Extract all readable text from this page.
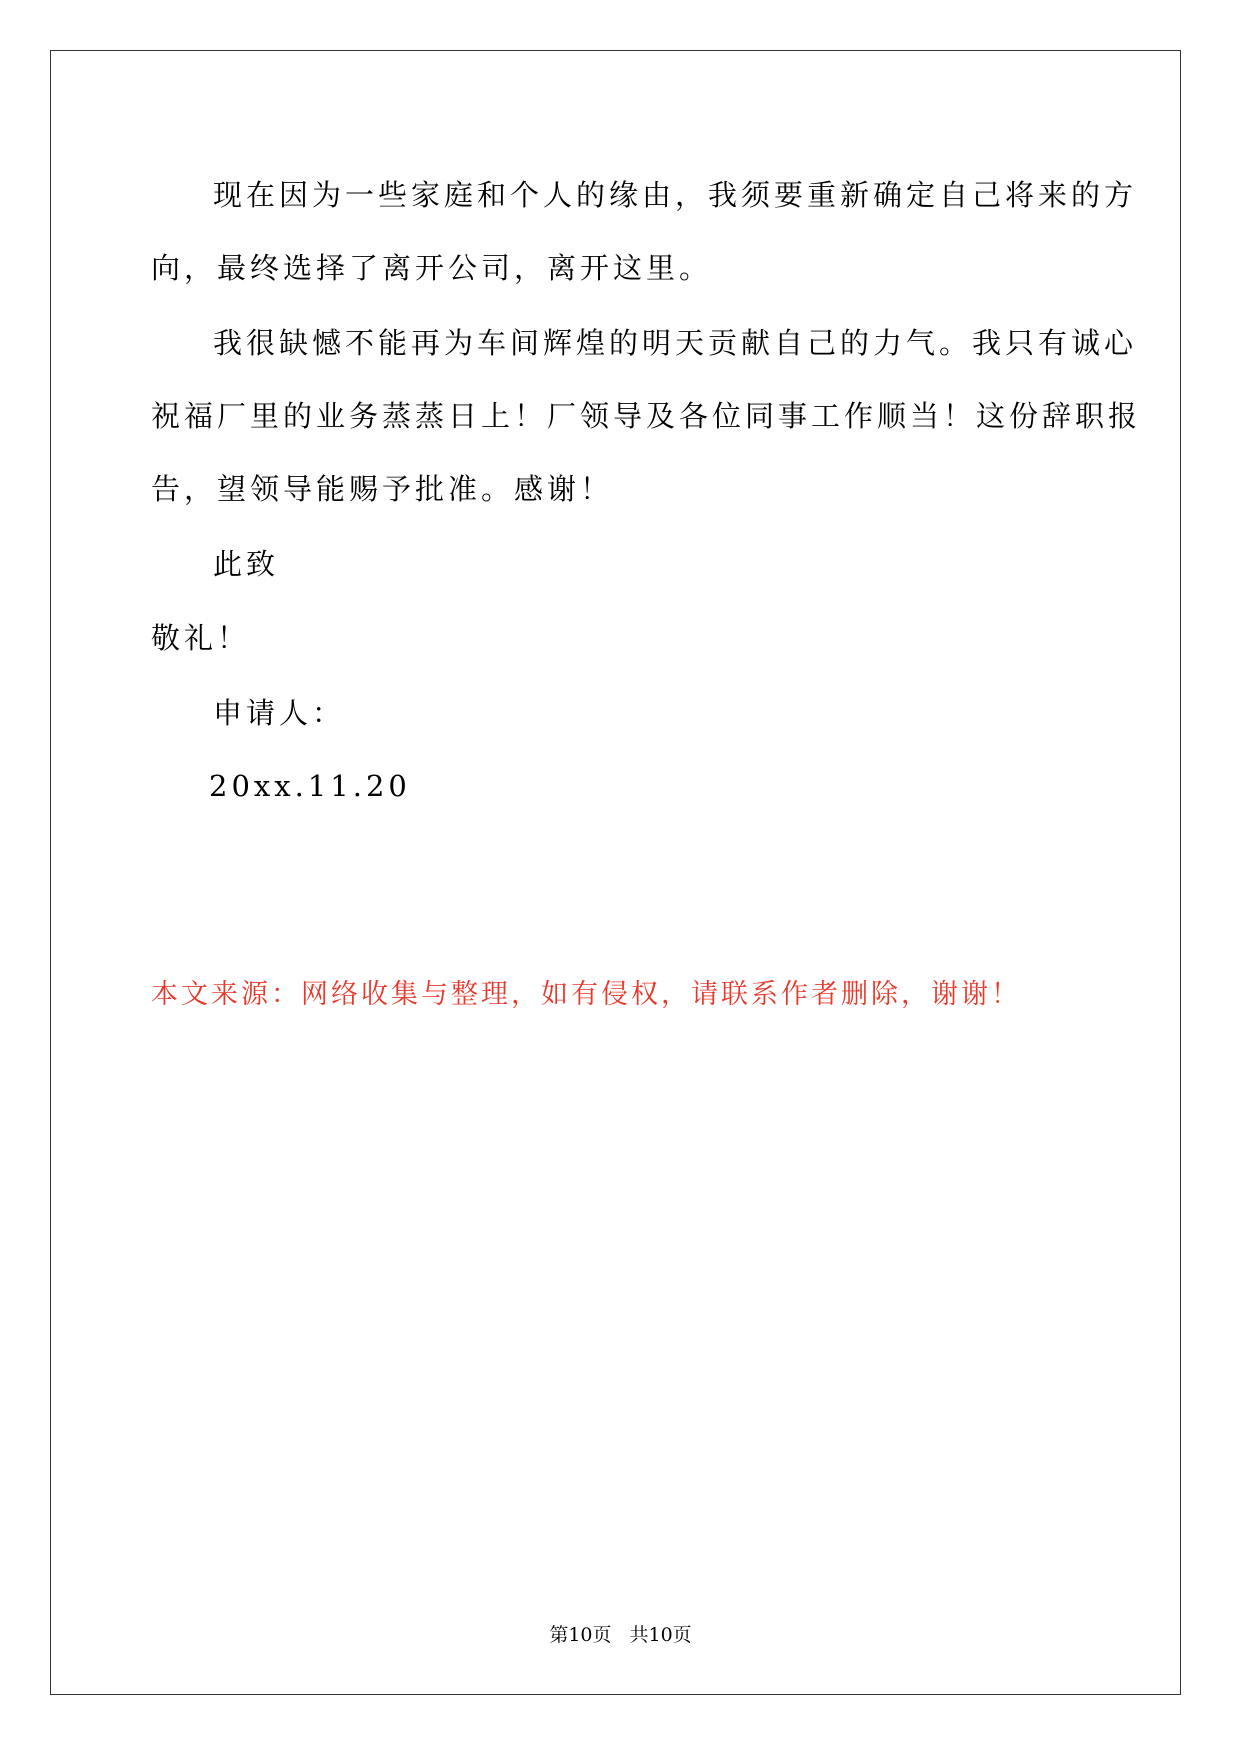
现在因为一些家庭和个人的缘由，我须要重新确定自己将来的方
向，最终选择了离开公司，离开这里。
我很缺憾不能再为车间辉煌的明天贡献自己的力气。我只有诚心
祝福厂里的业务蒸蒸日上！厂领导及各位同事工作顺当！这份辞职报
告，望领导能赐予批准。感谢！
此致
敬礼！
申请人：
20xx.11.20
本文来源：网络收集与整理，如有侵权，请联系作者删除，谢谢！
第10页 共10页
